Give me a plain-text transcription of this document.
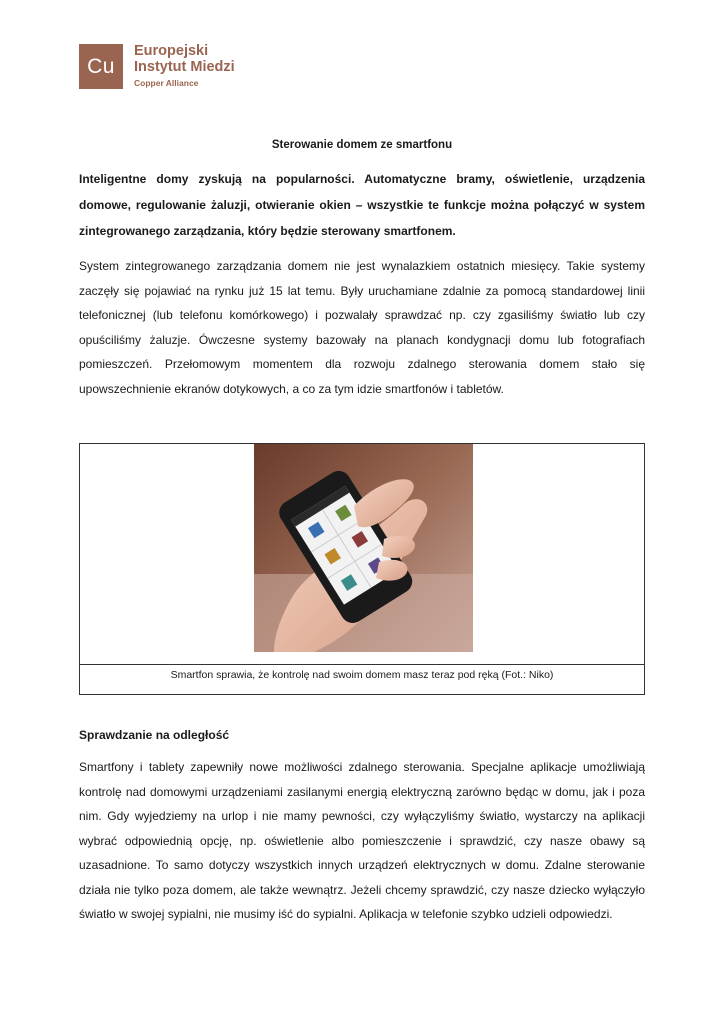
Cu
Europejski
Instytut Miedzi
Copper Alliance
Sterowanie domem ze smartfonu
Inteligentne domy zyskują na popularności. Automatyczne bramy, oświetlenie, urządzenia domowe, regulowanie żaluzji, otwieranie okien – wszystkie te funkcje można połączyć w system zintegrowanego zarządzania, który będzie sterowany smartfonem.
System zintegrowanego zarządzania domem nie jest wynalazkiem ostatnich miesięcy. Takie systemy zaczęły się pojawiać na rynku już 15 lat temu. Były uruchamiane zdalnie za pomocą standardowej linii telefonicznej (lub telefonu komórkowego) i pozwalały sprawdzać np. czy zgasiliśmy światło lub czy opuściliśmy żaluzje. Ówczesne systemy bazowały na planach kondygnacji domu lub fotografiach pomieszczeń. Przełomowym momentem dla rozwoju zdalnego sterowania domem stało się upowszechnienie ekranów dotykowych, a co za tym idzie smartfonów i tabletów.
Smartfon sprawia, że kontrolę nad swoim domem masz teraz pod ręką (Fot.: Niko)
Sprawdzanie na odległość
Smartfony i tablety zapewniły nowe możliwości zdalnego sterowania. Specjalne aplikacje umożliwiają kontrolę nad domowymi urządzeniami zasilanymi energią elektryczną zarówno będąc w domu, jak i poza nim. Gdy wyjedziemy na urlop i nie mamy pewności, czy wyłączyliśmy światło, wystarczy na aplikacji wybrać odpowiednią opcję, np. oświetlenie albo pomieszczenie i sprawdzić, czy nasze obawy są uzasadnione. To samo dotyczy wszystkich innych urządzeń elektrycznych w domu. Zdalne sterowanie działa nie tylko poza domem, ale także wewnątrz. Jeżeli chcemy sprawdzić, czy nasze dziecko wyłączyło światło w swojej sypialni, nie musimy iść do sypialni. Aplikacja w telefonie szybko udzieli odpowiedzi.
